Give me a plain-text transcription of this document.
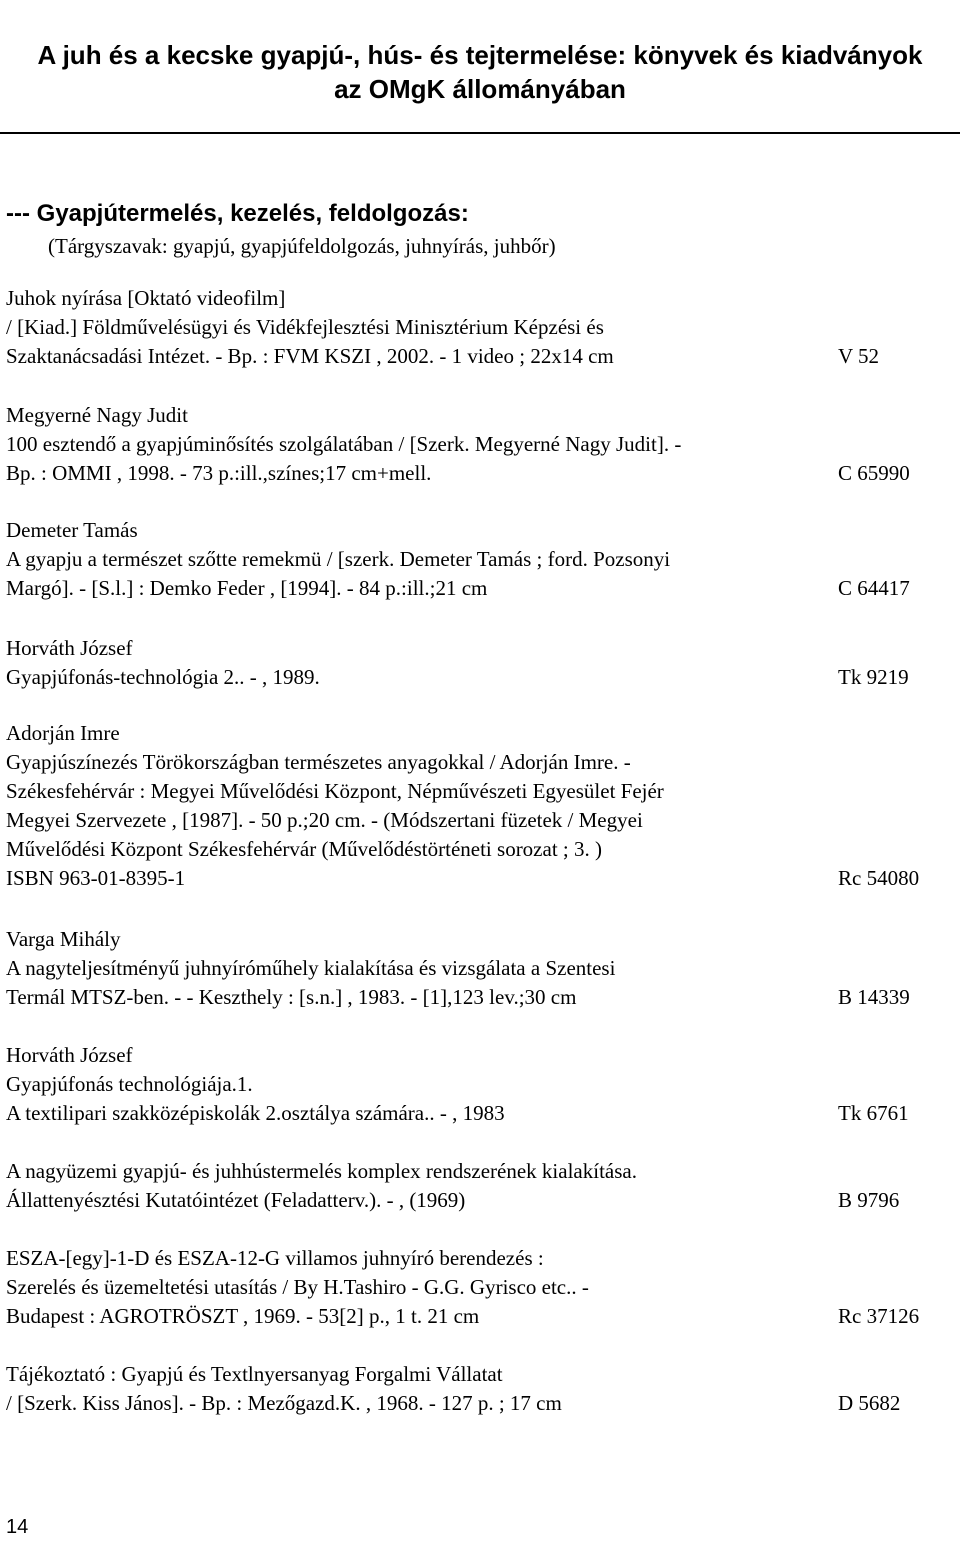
A juh és a kecske gyapjú-, hús- és tejtermelése: könyvek és kiadványok
az OMgK állományában
--- Gyapjútermelés, kezelés, feldolgozás:
(Tárgyszavak: gyapjú, gyapjúfeldolgozás, juhnyírás, juhbőr)
Juhok nyírása [Oktató videofilm]
/ [Kiad.] Földművelésügyi és Vidékfejlesztési Minisztérium Képzési és
Szaktanácsadási Intézet. - Bp. : FVM KSZI , 2002. - 1 video ; 22x14 cm	V 52
Megyerné Nagy Judit
100 esztendő a gyapjúminősítés szolgálatában / [Szerk. Megyerné Nagy Judit]. -
Bp. : OMMI , 1998. - 73 p.:ill.,színes;17 cm+mell.	C 65990
Demeter Tamás
A gyapju a természet szőtte remekmü / [szerk. Demeter Tamás ; ford. Pozsonyi
Margó]. - [S.l.] : Demko Feder , [1994]. - 84 p.:ill.;21 cm	C 64417
Horváth József
Gyapjúfonás-technológia 2.. - , 1989.	Tk 9219
Adorján Imre
Gyapjúszínezés Törökországban természetes anyagokkal / Adorján Imre. -
Székesfehérvár : Megyei Művelődési Központ, Népművészeti Egyesület Fejér
Megyei Szervezete , [1987]. - 50 p.;20 cm. - (Módszertani füzetek / Megyei
Művelődési Központ Székesfehérvár (Művelődéstörténeti sorozat ; 3. )
ISBN 963-01-8395-1	Rc 54080
Varga Mihály
A nagyteljesítményű juhnyíróműhely kialakítása és vizsgálata a Szentesi
Termál MTSZ-ben. - - Keszthely : [s.n.] , 1983. - [1],123 lev.;30 cm	B 14339
Horváth József
Gyapjúfonás technológiája.1.
A textilipari szakközépiskolák 2.osztálya számára.. - , 1983	Tk 6761
A nagyüzemi gyapjú- és juhhústermelés komplex rendszerének kialakítása.
Állattenyésztési Kutatóintézet (Feladatterv.). - , (1969)	B 9796
ESZA-[egy]-1-D és ESZA-12-G villamos juhnyíró berendezés :
Szerelés és üzemeltetési utasítás / By H.Tashiro - G.G. Gyrisco etc.. -
Budapest : AGROTRÖSZT , 1969. - 53[2] p., 1 t. 21 cm	Rc 37126
Tájékoztató : Gyapjú és Textlnyersanyag Forgalmi Vállatat
/ [Szerk. Kiss János]. - Bp. : Mezőgazd.K. , 1968. - 127 p. ; 17 cm	D 5682
14
